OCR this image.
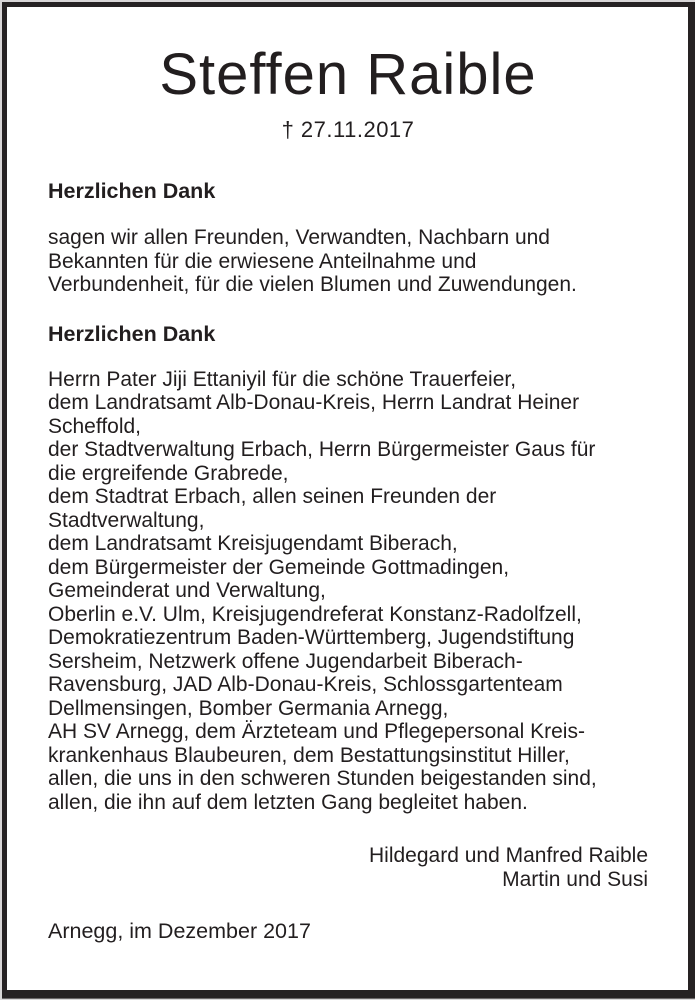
Steffen Raible
† 27.11.2017
Herzlichen Dank
sagen wir allen Freunden, Verwandten, Nachbarn und
Bekannten für die erwiesene Anteilnahme und
Verbundenheit, für die vielen Blumen und Zuwendungen.
Herzlichen Dank
Herrn Pater Jiji Ettaniyil für die schöne Trauerfeier,
dem Landratsamt Alb-Donau-Kreis, Herrn Landrat Heiner
Scheffold,
der Stadtverwaltung Erbach, Herrn Bürgermeister Gaus für
die ergreifende Grabrede,
dem Stadtrat Erbach, allen seinen Freunden der
Stadtverwaltung,
dem Landratsamt Kreisjugendamt Biberach,
dem Bürgermeister der Gemeinde Gottmadingen,
Gemeinderat und Verwaltung,
Oberlin e.V. Ulm, Kreisjugendreferat Konstanz-Radolfzell,
Demokratiezentrum Baden-Württemberg, Jugendstiftung
Sersheim, Netzwerk offene Jugendarbeit Biberach-
Ravensburg, JAD Alb-Donau-Kreis, Schlossgartenteam
Dellmensingen, Bomber Germania Arnegg,
AH SV Arnegg, dem Ärzteteam und Pflegepersonal Kreis-
krankenhaus Blaubeuren, dem Bestattungsinstitut Hiller,
allen, die uns in den schweren Stunden beigestanden sind,
allen, die ihn auf dem letzten Gang begleitet haben.
Hildegard und Manfred Raible
Martin und Susi
Arnegg, im Dezember 2017
